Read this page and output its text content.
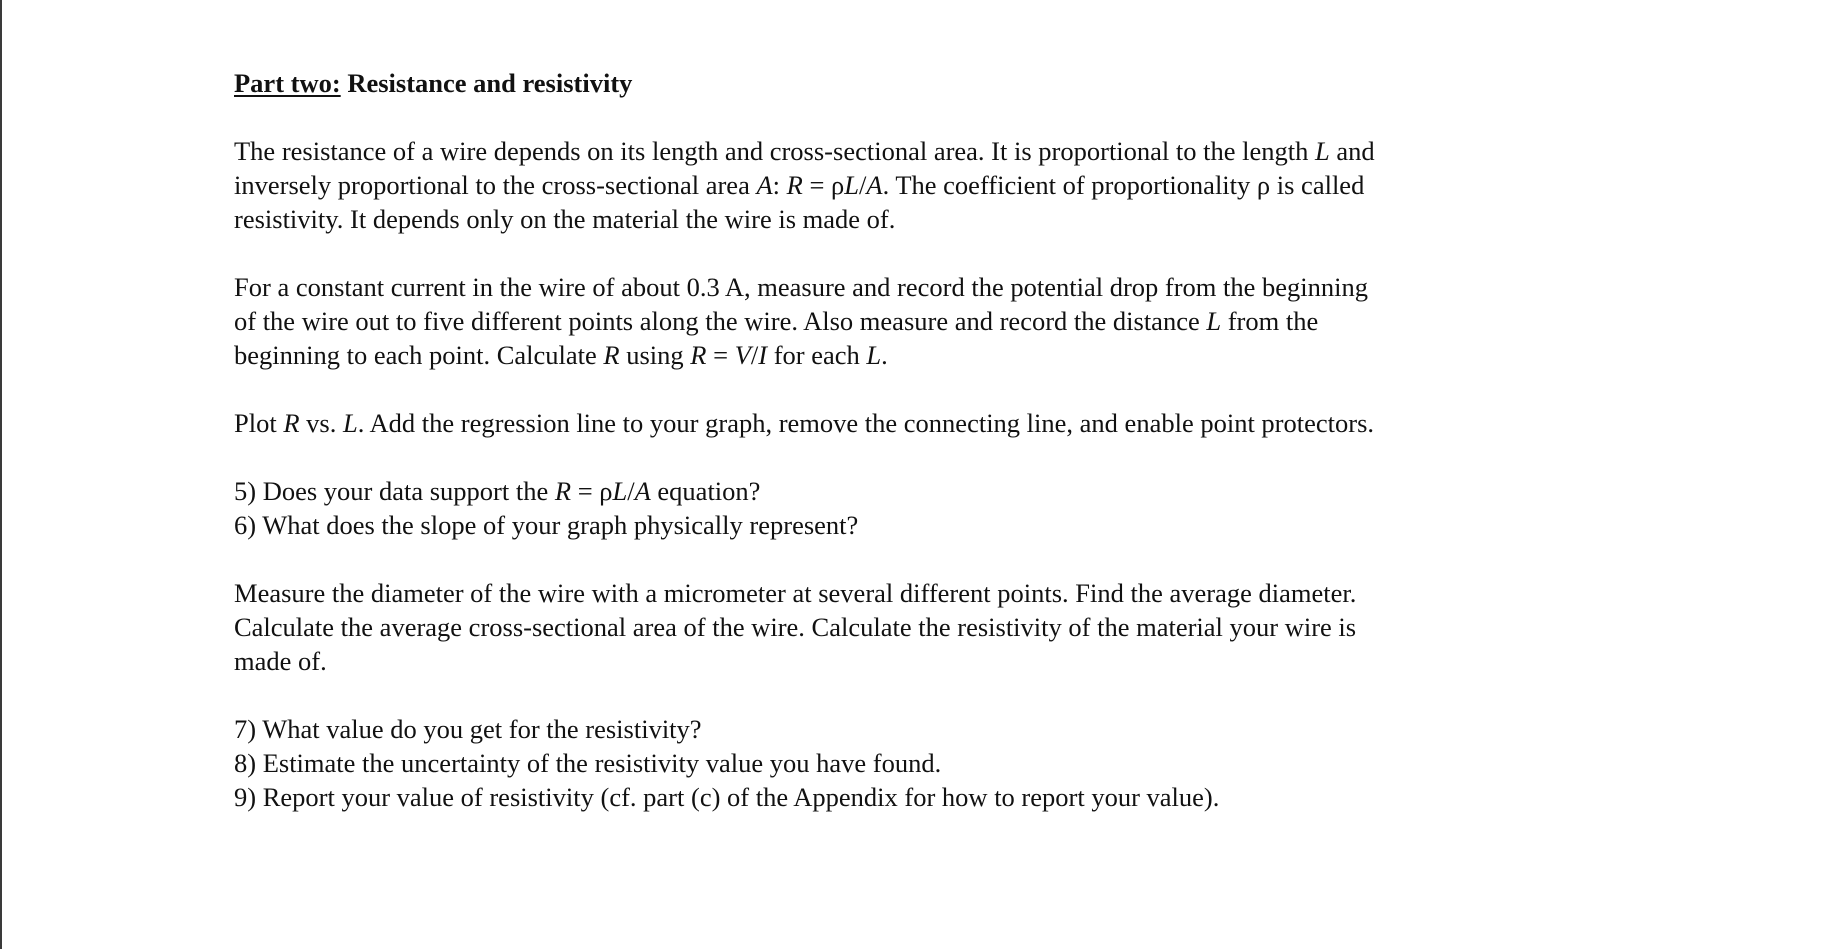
Part two: Resistance and resistivity
The resistance of a wire depends on its length and cross-sectional area. It is proportional to the length L and
inversely proportional to the cross-sectional area A: R = ρL/A. The coefficient of proportionality ρ is called
resistivity. It depends only on the material the wire is made of.
For a constant current in the wire of about 0.3 A, measure and record the potential drop from the beginning
of the wire out to five different points along the wire. Also measure and record the distance L from the
beginning to each point. Calculate R using R = V/I for each L.
Plot R vs. L. Add the regression line to your graph, remove the connecting line, and enable point protectors.
5) Does your data support the R = ρL/A equation?
6) What does the slope of your graph physically represent?
Measure the diameter of the wire with a micrometer at several different points. Find the average diameter.
Calculate the average cross-sectional area of the wire. Calculate the resistivity of the material your wire is
made of.
7) What value do you get for the resistivity?
8) Estimate the uncertainty of the resistivity value you have found.
9) Report your value of resistivity (cf. part (c) of the Appendix for how to report your value).
